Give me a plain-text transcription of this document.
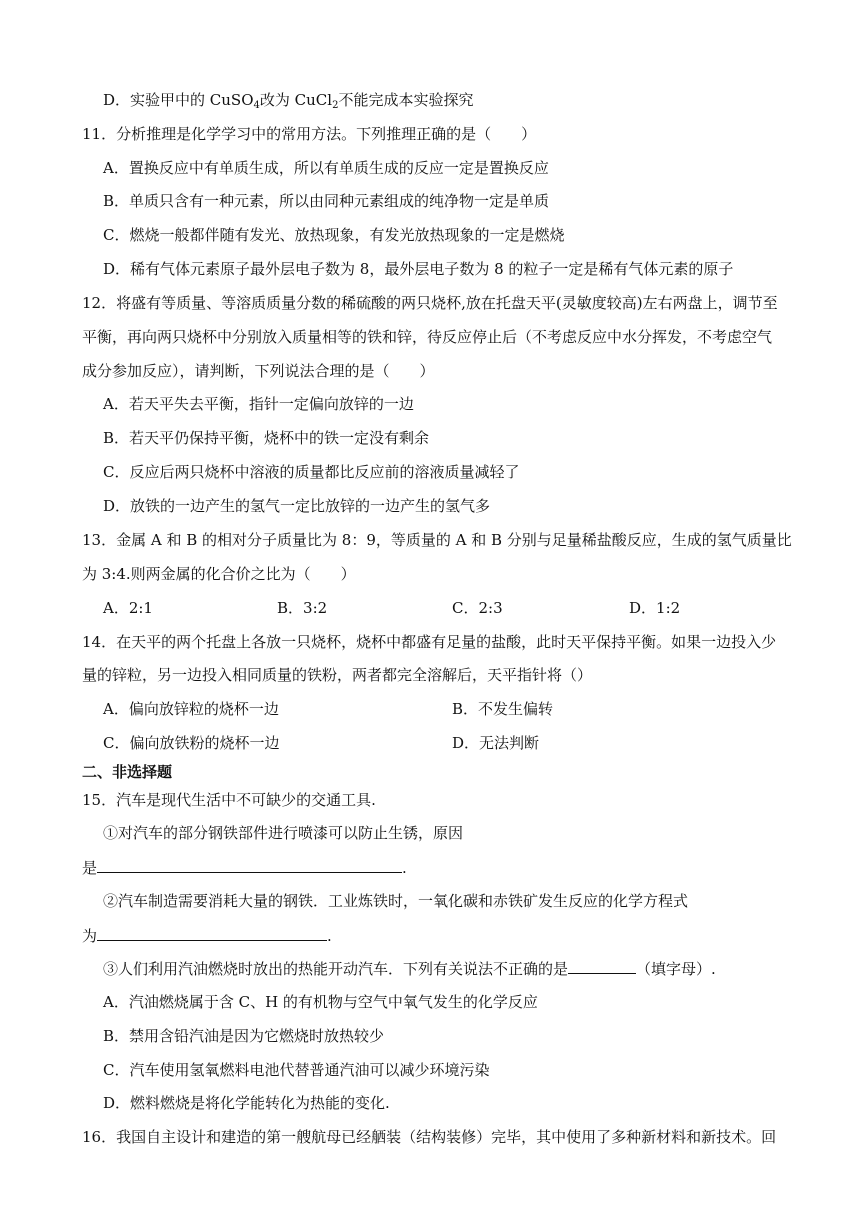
D．实验甲中的 CuSO$_4$改为 CuCl$_2$不能完成本实验探究
11．分析推理是化学学习中的常用方法。下列推理正确的是（　　）
A．置换反应中有单质生成，所以有单质生成的反应一定是置换反应
B．单质只含有一种元素，所以由同种元素组成的纯净物一定是单质
C．燃烧一般都伴随有发光、放热现象，有发光放热现象的一定是燃烧
D．稀有气体元素原子最外层电子数为 8，最外层电子数为 8 的粒子一定是稀有气体元素的原子
12．将盛有等质量、等溶质质量分数的稀硫酸的两只烧杯,放在托盘天平(灵敏度较高)左右两盘上，调节至
平衡，再向两只烧杯中分别放入质量相等的铁和锌，待反应停止后（不考虑反应中水分挥发，不考虑空气
成分参加反应），请判断，下列说法合理的是（　　）
A．若天平失去平衡，指针一定偏向放锌的一边
B．若天平仍保持平衡，烧杯中的铁一定没有剩余
C．反应后两只烧杯中溶液的质量都比反应前的溶液质量减轻了
D．放铁的一边产生的氢气一定比放锌的一边产生的氢气多
13．金属 A 和 B 的相对分子质量比为 8：9，等质量的 A 和 B 分别与足量稀盐酸反应，生成的氢气质量比
为 3:4.则两金属的化合价之比为（　　）
A．2:1	B．3:2	C．2:3	D．1:2
14．在天平的两个托盘上各放一只烧杯，烧杯中都盛有足量的盐酸，此时天平保持平衡。如果一边投入少
量的锌粒，另一边投入相同质量的铁粉，两者都完全溶解后，天平指针将（）
A．偏向放锌粒的烧杯一边	B．不发生偏转
C．偏向放铁粉的烧杯一边	D．无法判断
二、非选择题
15．汽车是现代生活中不可缺少的交通工具.
①对汽车的部分钢铁部件进行喷漆可以防止生锈，原因
是	.
②汽车制造需要消耗大量的钢铁．工业炼铁时，一氧化碳和赤铁矿发生反应的化学方程式
为	.
③人们利用汽油燃烧时放出的热能开动汽车．下列有关说法不正确的是	（填字母）.
A．汽油燃烧属于含 C、H 的有机物与空气中氧气发生的化学反应
B．禁用含铅汽油是因为它燃烧时放热较少
C．汽车使用氢氧燃料电池代替普通汽油可以减少环境污染
D．燃料燃烧是将化学能转化为热能的变化.
16．我国自主设计和建造的第一艘航母已经舾装（结构装修）完毕，其中使用了多种新材料和新技术。回
